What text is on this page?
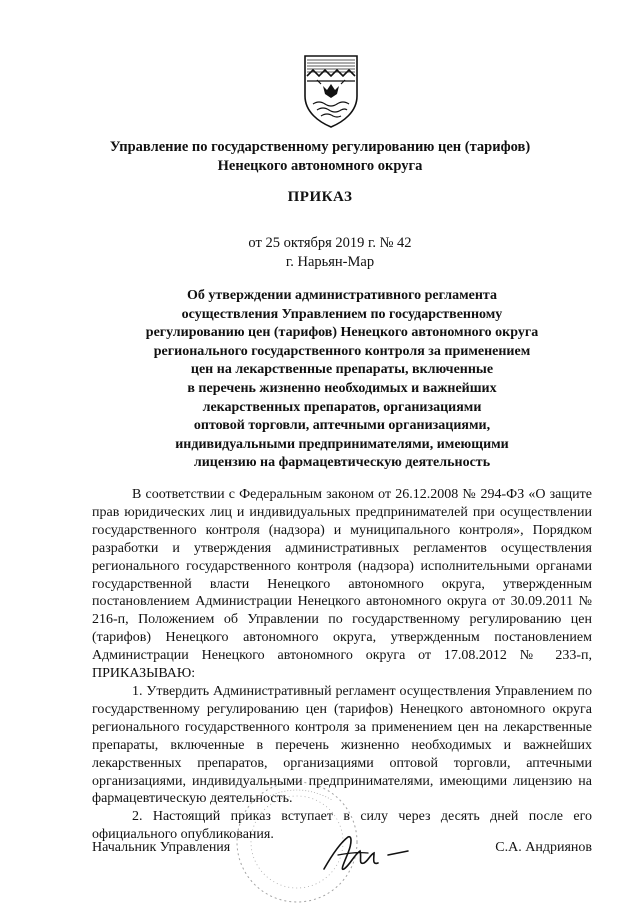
Управление по государственному регулированию цен (тарифов)
Ненецкого автономного округа
ПРИКАЗ
от 25 октября 2019 г. № 42
г. Нарьян-Мар
Об утверждении административного регламента
осуществления Управлением по государственному
регулированию цен (тарифов) Ненецкого автономного округа
регионального государственного контроля за применением
цен на лекарственные препараты, включенные
в перечень жизненно необходимых и важнейших
лекарственных препаратов, организациями
оптовой торговли, аптечными организациями,
индивидуальными предпринимателями, имеющими
лицензию на фармацевтическую деятельность

В соответствии с Федеральным законом от 26.12.2008 № 294-ФЗ «О защите прав юридических лиц и индивидуальных предпринимателей при осуществлении государственного контроля (надзора) и муниципального контроля», Порядком разработки и утверждения административных регламентов осуществления регионального государственного контроля (надзора) исполнительными органами государственной власти Ненецкого автономного округа, утвержденным постановлением Администрации Ненецкого автономного округа от 30.09.2011 № 216-п, Положением об Управлении по государственному регулированию цен (тарифов) Ненецкого автономного округа, утвержденным постановлением Администрации Ненецкого автономного округа от 17.08.2012 № 233-п, ПРИКАЗЫВАЮ:

1. Утвердить Административный регламент осуществления Управлением по государственному регулированию цен (тарифов) Ненецкого автономного округа регионального государственного контроля за применением цен на лекарственные препараты, включенные в перечень жизненно необходимых и важнейших лекарственных препаратов, организациями оптовой торговли, аптечными организациями, индивидуальными предпринимателями, имеющими лицензию на фармацевтическую деятельность.

2. Настоящий приказ вступает в силу через десять дней после его официального опубликования.

Начальник Управления	С.А. Андриянов
